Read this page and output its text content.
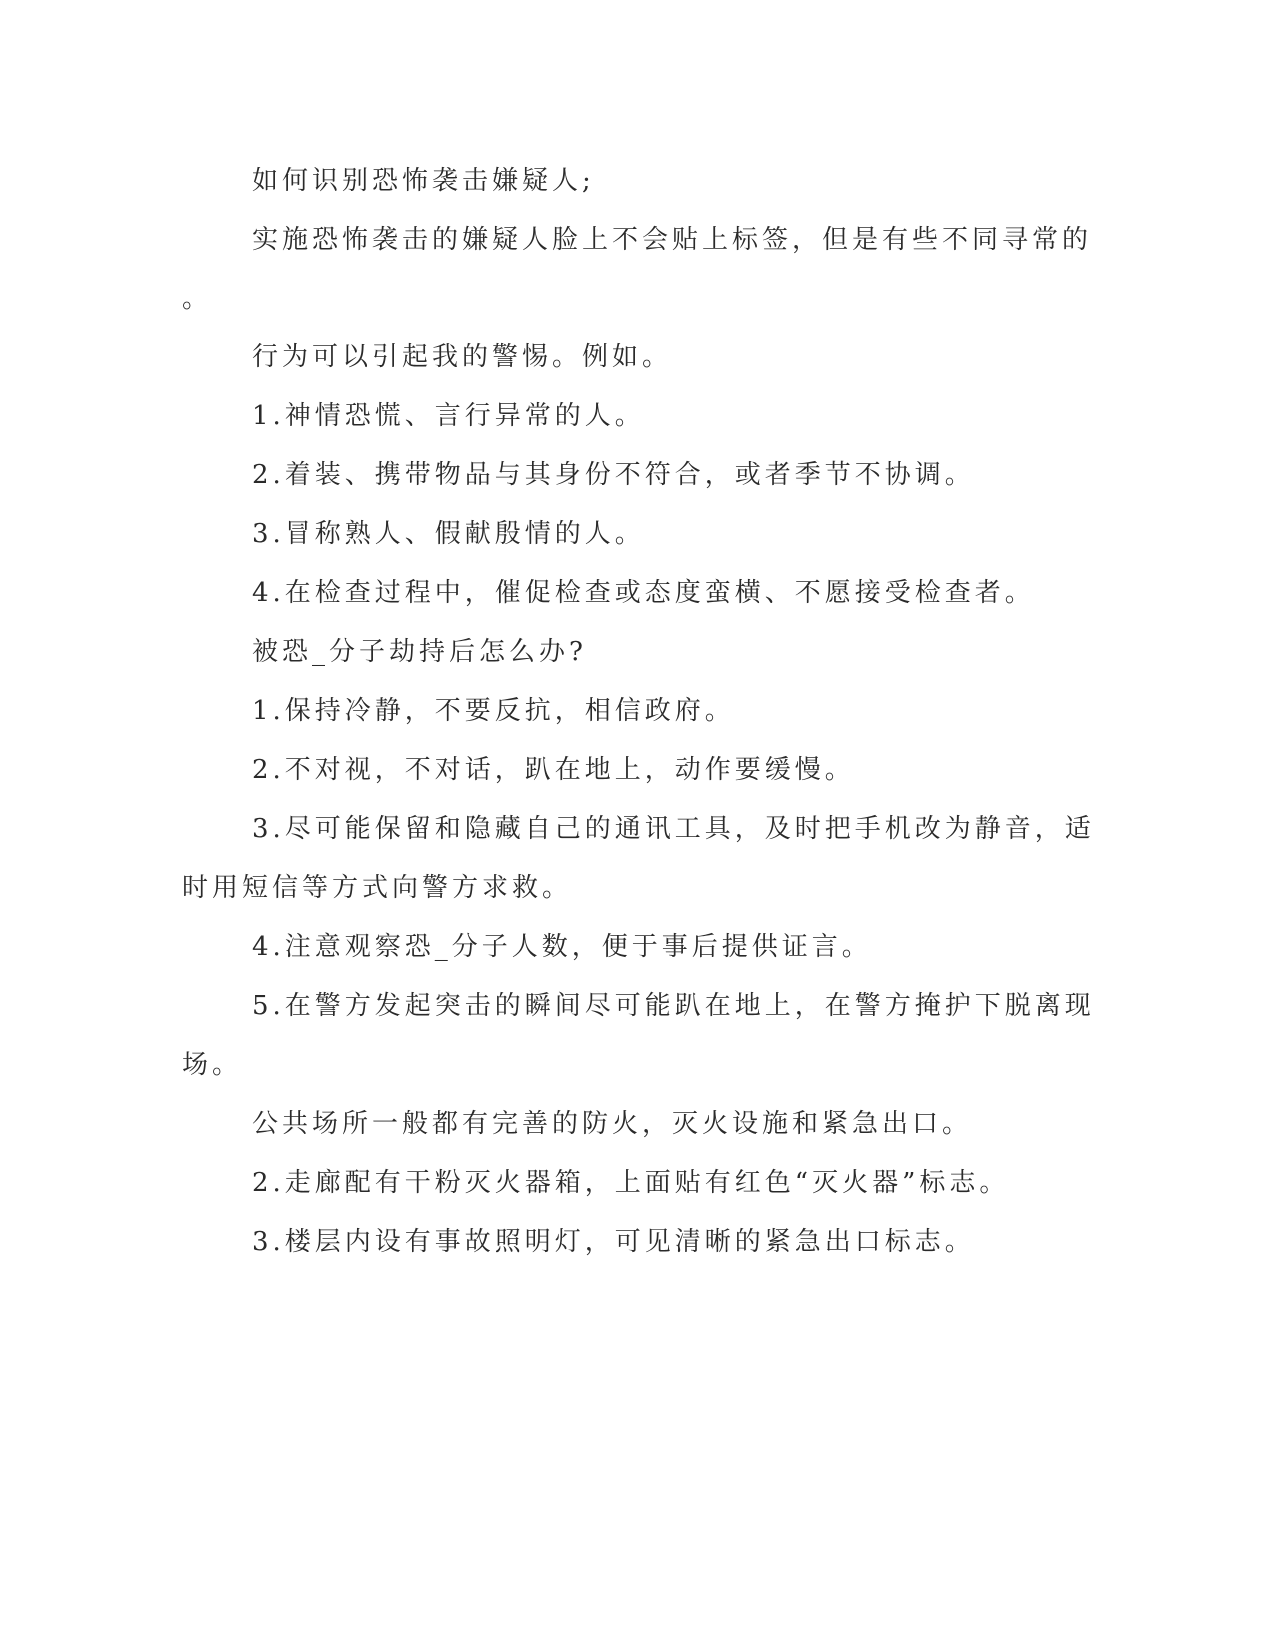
如何识别恐怖袭击嫌疑人;

实施恐怖袭击的嫌疑人脸上不会贴上标签，但是有些不同寻常的

。

行为可以引起我的警惕。例如。

1.神情恐慌、言行异常的人。

2.着装、携带物品与其身份不符合，或者季节不协调。

3.冒称熟人、假献殷情的人。

4.在检查过程中，催促检查或态度蛮横、不愿接受检查者。

被恐_分子劫持后怎么办?

1.保持冷静，不要反抗，相信政府。

2.不对视，不对话，趴在地上，动作要缓慢。

3.尽可能保留和隐藏自己的通讯工具，及时把手机改为静音，适

时用短信等方式向警方求救。

4.注意观察恐_分子人数，便于事后提供证言。

5.在警方发起突击的瞬间尽可能趴在地上，在警方掩护下脱离现

场。

公共场所一般都有完善的防火，灭火设施和紧急出口。

2.走廊配有干粉灭火器箱，上面贴有红色“灭火器”标志。

3.楼层内设有事故照明灯，可见清晰的紧急出口标志。
